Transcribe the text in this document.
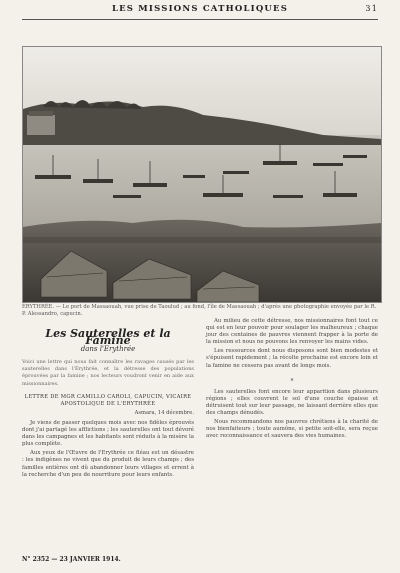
LES MISSIONS CATHOLIQUES	31
ÉRYTHRÉE. — Le port de Massaouah, vue prise de Taoulud ; au fond, l'île de Massaouah ; d'après une photographie envoyée par le R. P. Alessandro, capucin.
Les Sauterelles et la Famine
dans l'Erythrée
Voici une lettre qui nous fait connaître les ravages causés par les sauterelles dans l'Érythrée, et la détresse des populations éprouvées par la famine ; nos lecteurs voudront venir en aide aux missionnaires.
LETTRE DE MGR CAMILLO CAROLI, CAPUCIN, VICAIRE APOSTOLIQUE DE L'ERYTHRÉE
Asmara, 14 décembre.

Je viens de passer quelques mois avec nos fidèles éprouvés dont j'ai partagé les afflictions ; les sauterelles ont tout dévoré dans les campagnes et les habitants sont réduits à la misère la plus complète.

Aux yeux de l'Œuvre de l'Erythrée ce fléau est un désastre : les indigènes ne vivent que du produit de leurs champs ; des familles entières ont dû abandonner leurs villages et errent à la recherche d'un peu de nourriture pour leurs enfants.

Au milieu de cette détresse, nos missionnaires font tout ce qui est en leur pouvoir pour soulager les malheureux ; chaque jour des centaines de pauvres viennent frapper à la porte de la mission et nous ne pouvons les renvoyer les mains vides.

Les ressources dont nous disposons sont bien modestes et s'épuisent rapidement ; la récolte prochaine est encore loin et la famine ne cessera pas avant de longs mois.

*

Les sauterelles font encore leur apparition dans plusieurs régions ; elles couvrent le sol d'une couche épaisse et détruisent tout sur leur passage, ne laissant derrière elles que des champs dénudés.

Nous recommandons nos pauvres chrétiens à la charité de nos bienfaiteurs ; toute aumône, si petite soit-elle, sera reçue avec reconnaissance et sauvera des vies humaines.

N° 2352 — 23 JANVIER 1914.
